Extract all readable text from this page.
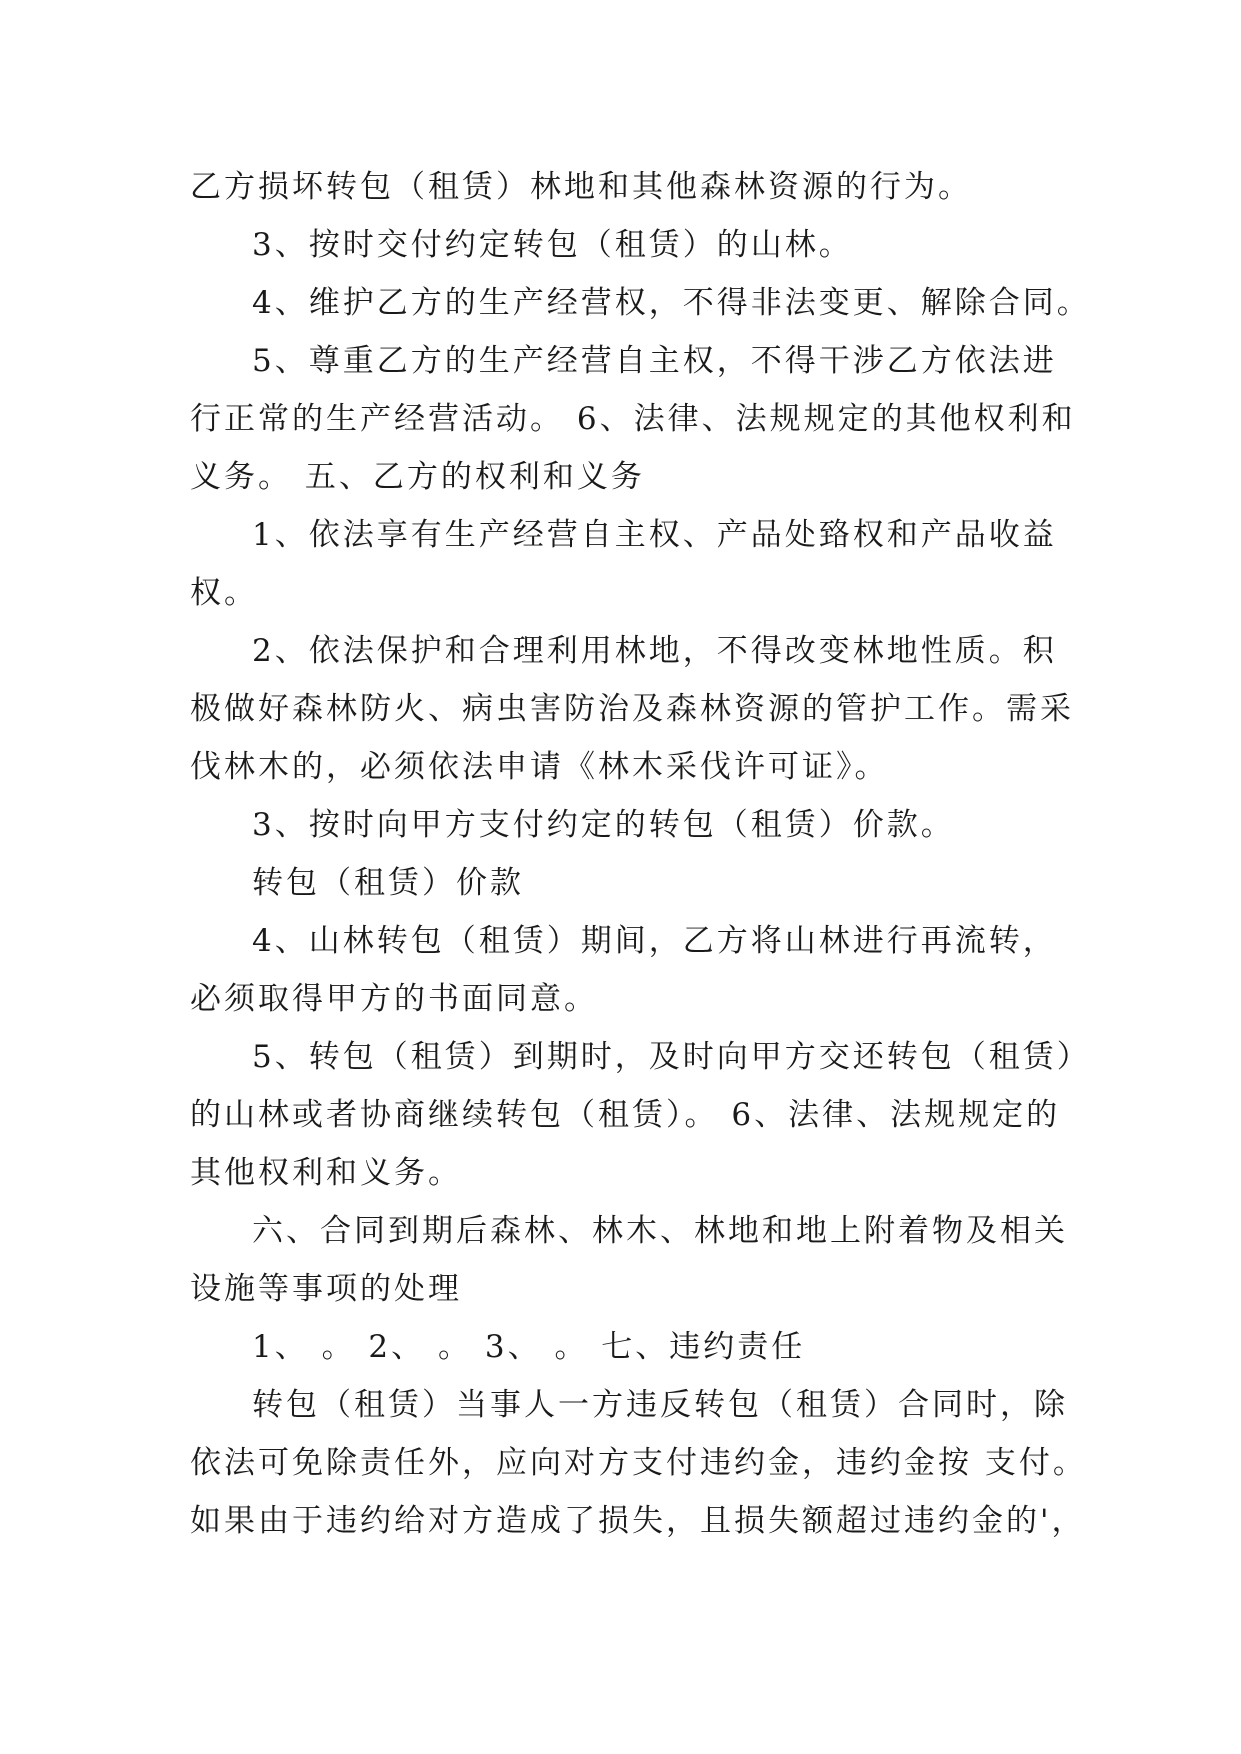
乙方损坏转包（租赁）林地和其他森林资源的行为。
3、按时交付约定转包（租赁）的山林。
4、维护乙方的生产经营权，不得非法变更、解除合同。
5、尊重乙方的生产经营自主权，不得干涉乙方依法进
行正常的生产经营活动。 6、法律、法规规定的其他权利和
义务。 五、乙方的权利和义务
1、依法享有生产经营自主权、产品处臵权和产品收益
权。
2、依法保护和合理利用林地，不得改变林地性质。积
极做好森林防火、病虫害防治及森林资源的管护工作。需采
伐林木的，必须依法申请《林木采伐许可证》。
3、按时向甲方支付约定的转包（租赁）价款。
转包（租赁）价款
4、山林转包（租赁）期间，乙方将山林进行再流转，
必须取得甲方的书面同意。
5、转包（租赁）到期时，及时向甲方交还转包（租赁）
的山林或者协商继续转包（租赁）。 6、法律、法规规定的
其他权利和义务。
六、合同到期后森林、林木、林地和地上附着物及相关
设施等事项的处理
1、 。 2、 。 3、 。 七、违约责任
转包（租赁）当事人一方违反转包（租赁）合同时，除
依法可免除责任外，应向对方支付违约金，违约金按 支付。
如果由于违约给对方造成了损失，且损失额超过违约金的'，
